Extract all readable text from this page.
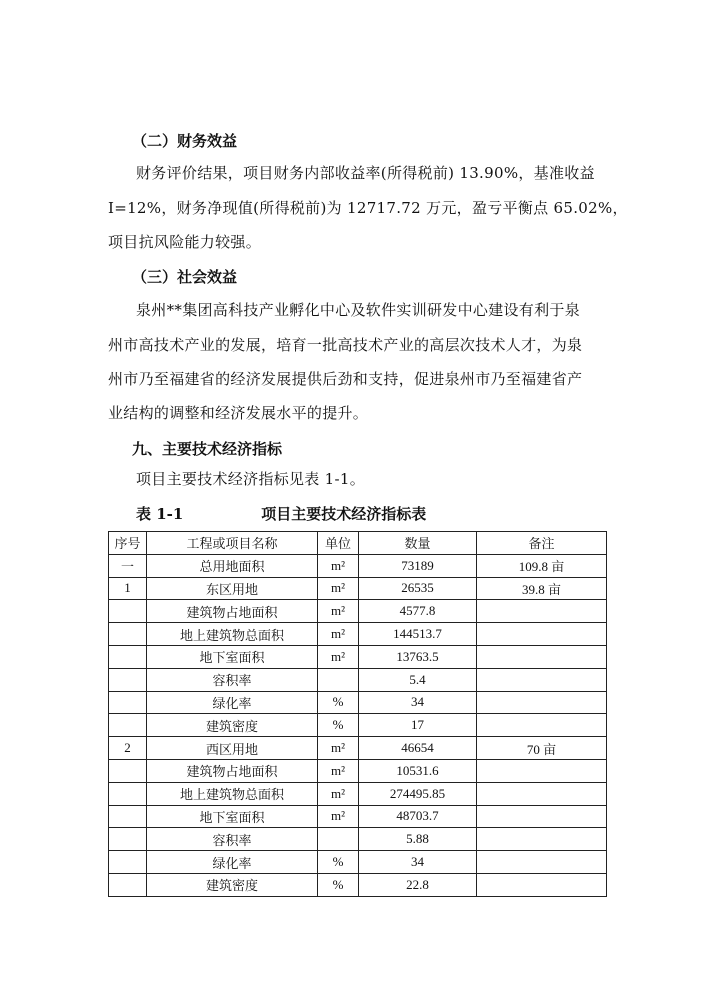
（二）财务效益
财务评价结果，项目财务内部收益率(所得税前) 13.90%，基准收益
I=12%，财务净现值(所得税前)为 12717.72 万元，盈亏平衡点 65.02%，
项目抗风险能力较强。
（三）社会效益
泉州**集团高科技产业孵化中心及软件实训研发中心建设有利于泉
州市高技术产业的发展，培育一批高技术产业的高层次技术人才，为泉
州市乃至福建省的经济发展提供后劲和支持，促进泉州市乃至福建省产
业结构的调整和经济发展水平的提升。
九、主要技术经济指标
项目主要技术经济指标见表 1-1。
表 1-1	项目主要技术经济指标表
序号	工程或项目名称	单位	数量	备注
一	总用地面积	m²	73189	109.8 亩
1	东区用地	m²	26535	39.8 亩
	建筑物占地面积	m²	4577.8	
	地上建筑物总面积	m²	144513.7	
	地下室面积	m²	13763.5	
	容积率		5.4	
	绿化率	%	34	
	建筑密度	%	17	
2	西区用地	m²	46654	70 亩
	建筑物占地面积	m²	10531.6	
	地上建筑物总面积	m²	274495.85	
	地下室面积	m²	48703.7	
	容积率		5.88	
	绿化率	%	34	
	建筑密度	%	22.8	
